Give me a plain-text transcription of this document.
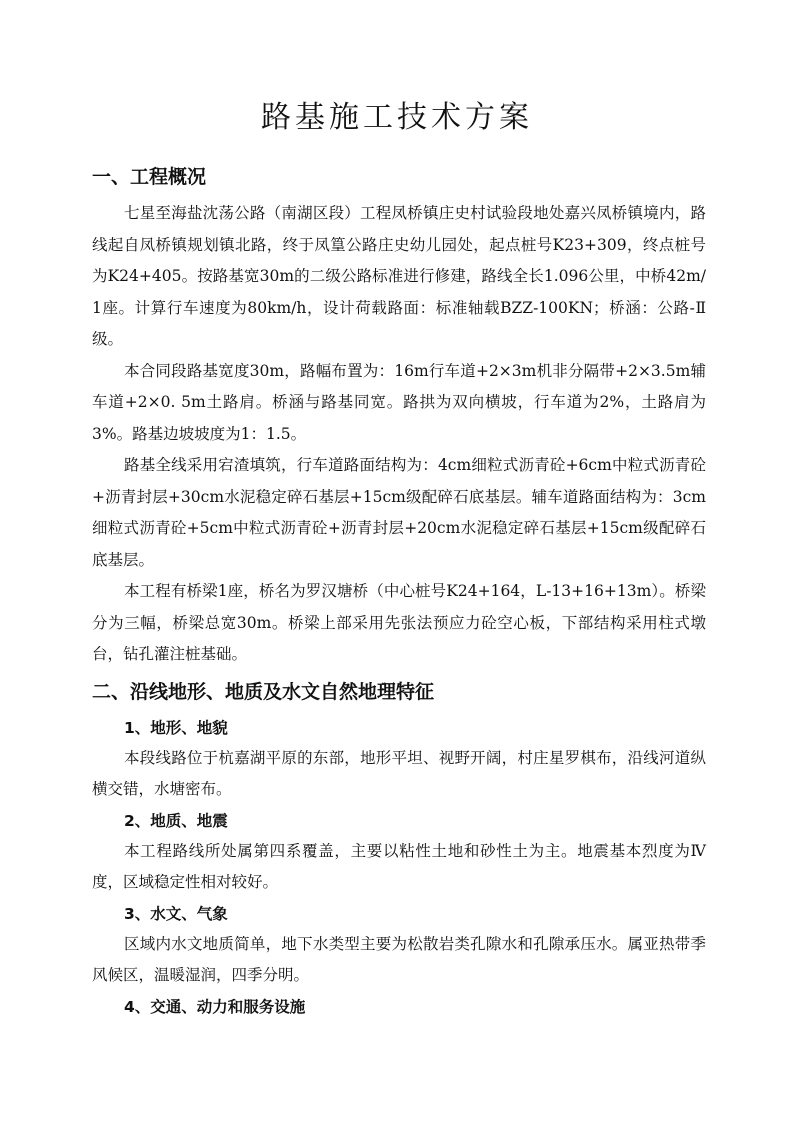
路基施工技术方案
一、工程概况

七星至海盐沈荡公路（南湖区段）工程凤桥镇庄史村试验段地处嘉兴凤桥镇境内，路线起自凤桥镇规划镇北路，终于凤篁公路庄史幼儿园处，起点桩号K23+309，终点桩号为K24+405。按路基宽30m的二级公路标准进行修建，路线全长1.096公里，中桥42m/1座。计算行车速度为80km/h，设计荷载路面：标准轴载BZZ-100KN；桥涵：公路-Ⅱ级。

本合同段路基宽度30m，路幅布置为：16m行车道+2×3m机非分隔带+2×3.5m辅车道+2×0. 5m土路肩。桥涵与路基同宽。路拱为双向横坡，行车道为2%，土路肩为3%。路基边坡坡度为1：1.5。

路基全线采用宕渣填筑，行车道路面结构为：4cm细粒式沥青砼+6cm中粒式沥青砼+沥青封层+30cm水泥稳定碎石基层+15cm级配碎石底基层。辅车道路面结构为：3cm细粒式沥青砼+5cm中粒式沥青砼+沥青封层+20cm水泥稳定碎石基层+15cm级配碎石底基层。

本工程有桥梁1座，桥名为罗汉塘桥（中心桩号K24+164，L-13+16+13m）。桥梁分为三幅，桥梁总宽30m。桥梁上部采用先张法预应力砼空心板，下部结构采用柱式墩台，钻孔灌注桩基础。

二、沿线地形、地质及水文自然地理特征
1、地形、地貌

本段线路位于杭嘉湖平原的东部，地形平坦、视野开阔，村庄星罗棋布，沿线河道纵横交错，水塘密布。

2、地质、地震

本工程路线所处属第四系覆盖，主要以粘性土地和砂性土为主。地震基本烈度为Ⅳ度，区域稳定性相对较好。

3、水文、气象

区域内水文地质简单，地下水类型主要为松散岩类孔隙水和孔隙承压水。属亚热带季风候区，温暖湿润，四季分明。

4、交通、动力和服务设施
